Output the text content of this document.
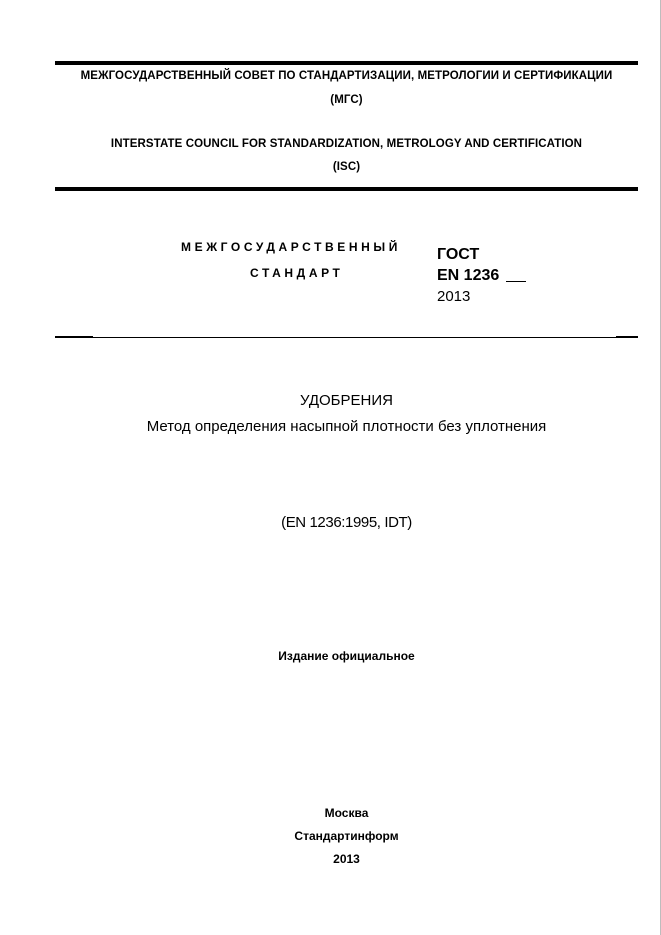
МЕЖГОСУДАРСТВЕННЫЙ СОВЕТ ПО СТАНДАРТИЗАЦИИ, МЕТРОЛОГИИ И СЕРТИФИКАЦИИ
(МГС)
INTERSTATE COUNCIL FOR STANDARDIZATION, METROLOGY AND CERTIFICATION
(ISC)
МЕЖГОСУДАРСТВЕННЫЙ
СТАНДАРТ
ГОСТ
EN 1236
2013
УДОБРЕНИЯ
Метод определения насыпной плотности без уплотнения
(EN 1236:1995, IDT)
Издание официальное
Москва
Стандартинформ
2013
